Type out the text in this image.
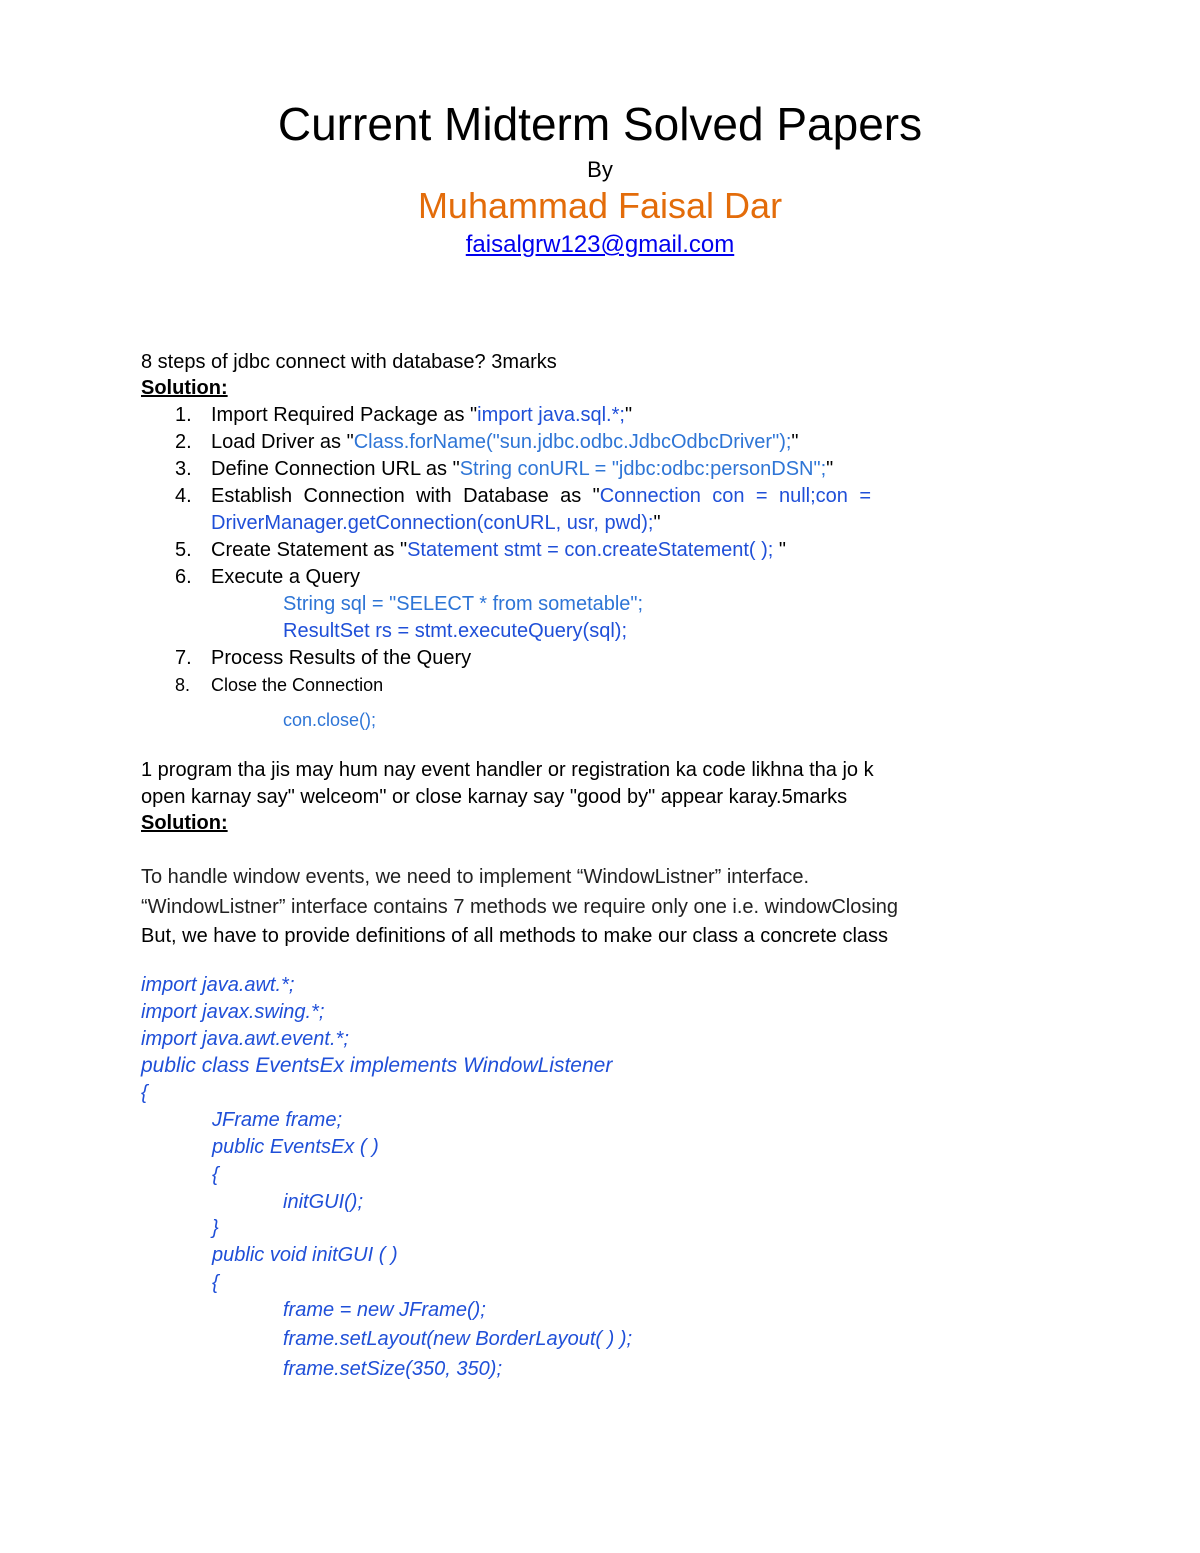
Current Midterm Solved Papers
By
Muhammad Faisal Dar
faisalgrw123@gmail.com
8 steps of jdbc connect with database? 3marks
Solution:
1. Import Required Package as "import java.sql.*;"
2. Load Driver as "Class.forName("sun.jdbc.odbc.JdbcOdbcDriver");"
3. Define Connection URL as "String conURL = "jdbc:odbc:personDSN";"
4. Establish Connection with Database as "Connection con = null;con = DriverManager.getConnection(conURL, usr, pwd);"
5. Create Statement as "Statement stmt = con.createStatement( ); "
6. Execute a Query
String sql = "SELECT * from sometable";
ResultSet rs = stmt.executeQuery(sql);
7. Process Results of the Query
8. Close the Connection
con.close();
1 program tha jis may hum nay event handler or registration ka code likhna tha jo k
open karnay say" welceom" or close karnay say "good by" appear karay.5marks
Solution:
To handle window events, we need to implement “WindowListner” interface.
“WindowListner” interface contains 7 methods we require only one i.e. windowClosing
But, we have to provide definitions of all methods to make our class a concrete class
import java.awt.*;
import javax.swing.*;
import java.awt.event.*;
public class EventsEx implements WindowListener
{
JFrame frame;
public EventsEx ( )
{
initGUI();
}
public void initGUI ( )
{
frame = new JFrame();
frame.setLayout(new BorderLayout( ) );
frame.setSize(350, 350);
